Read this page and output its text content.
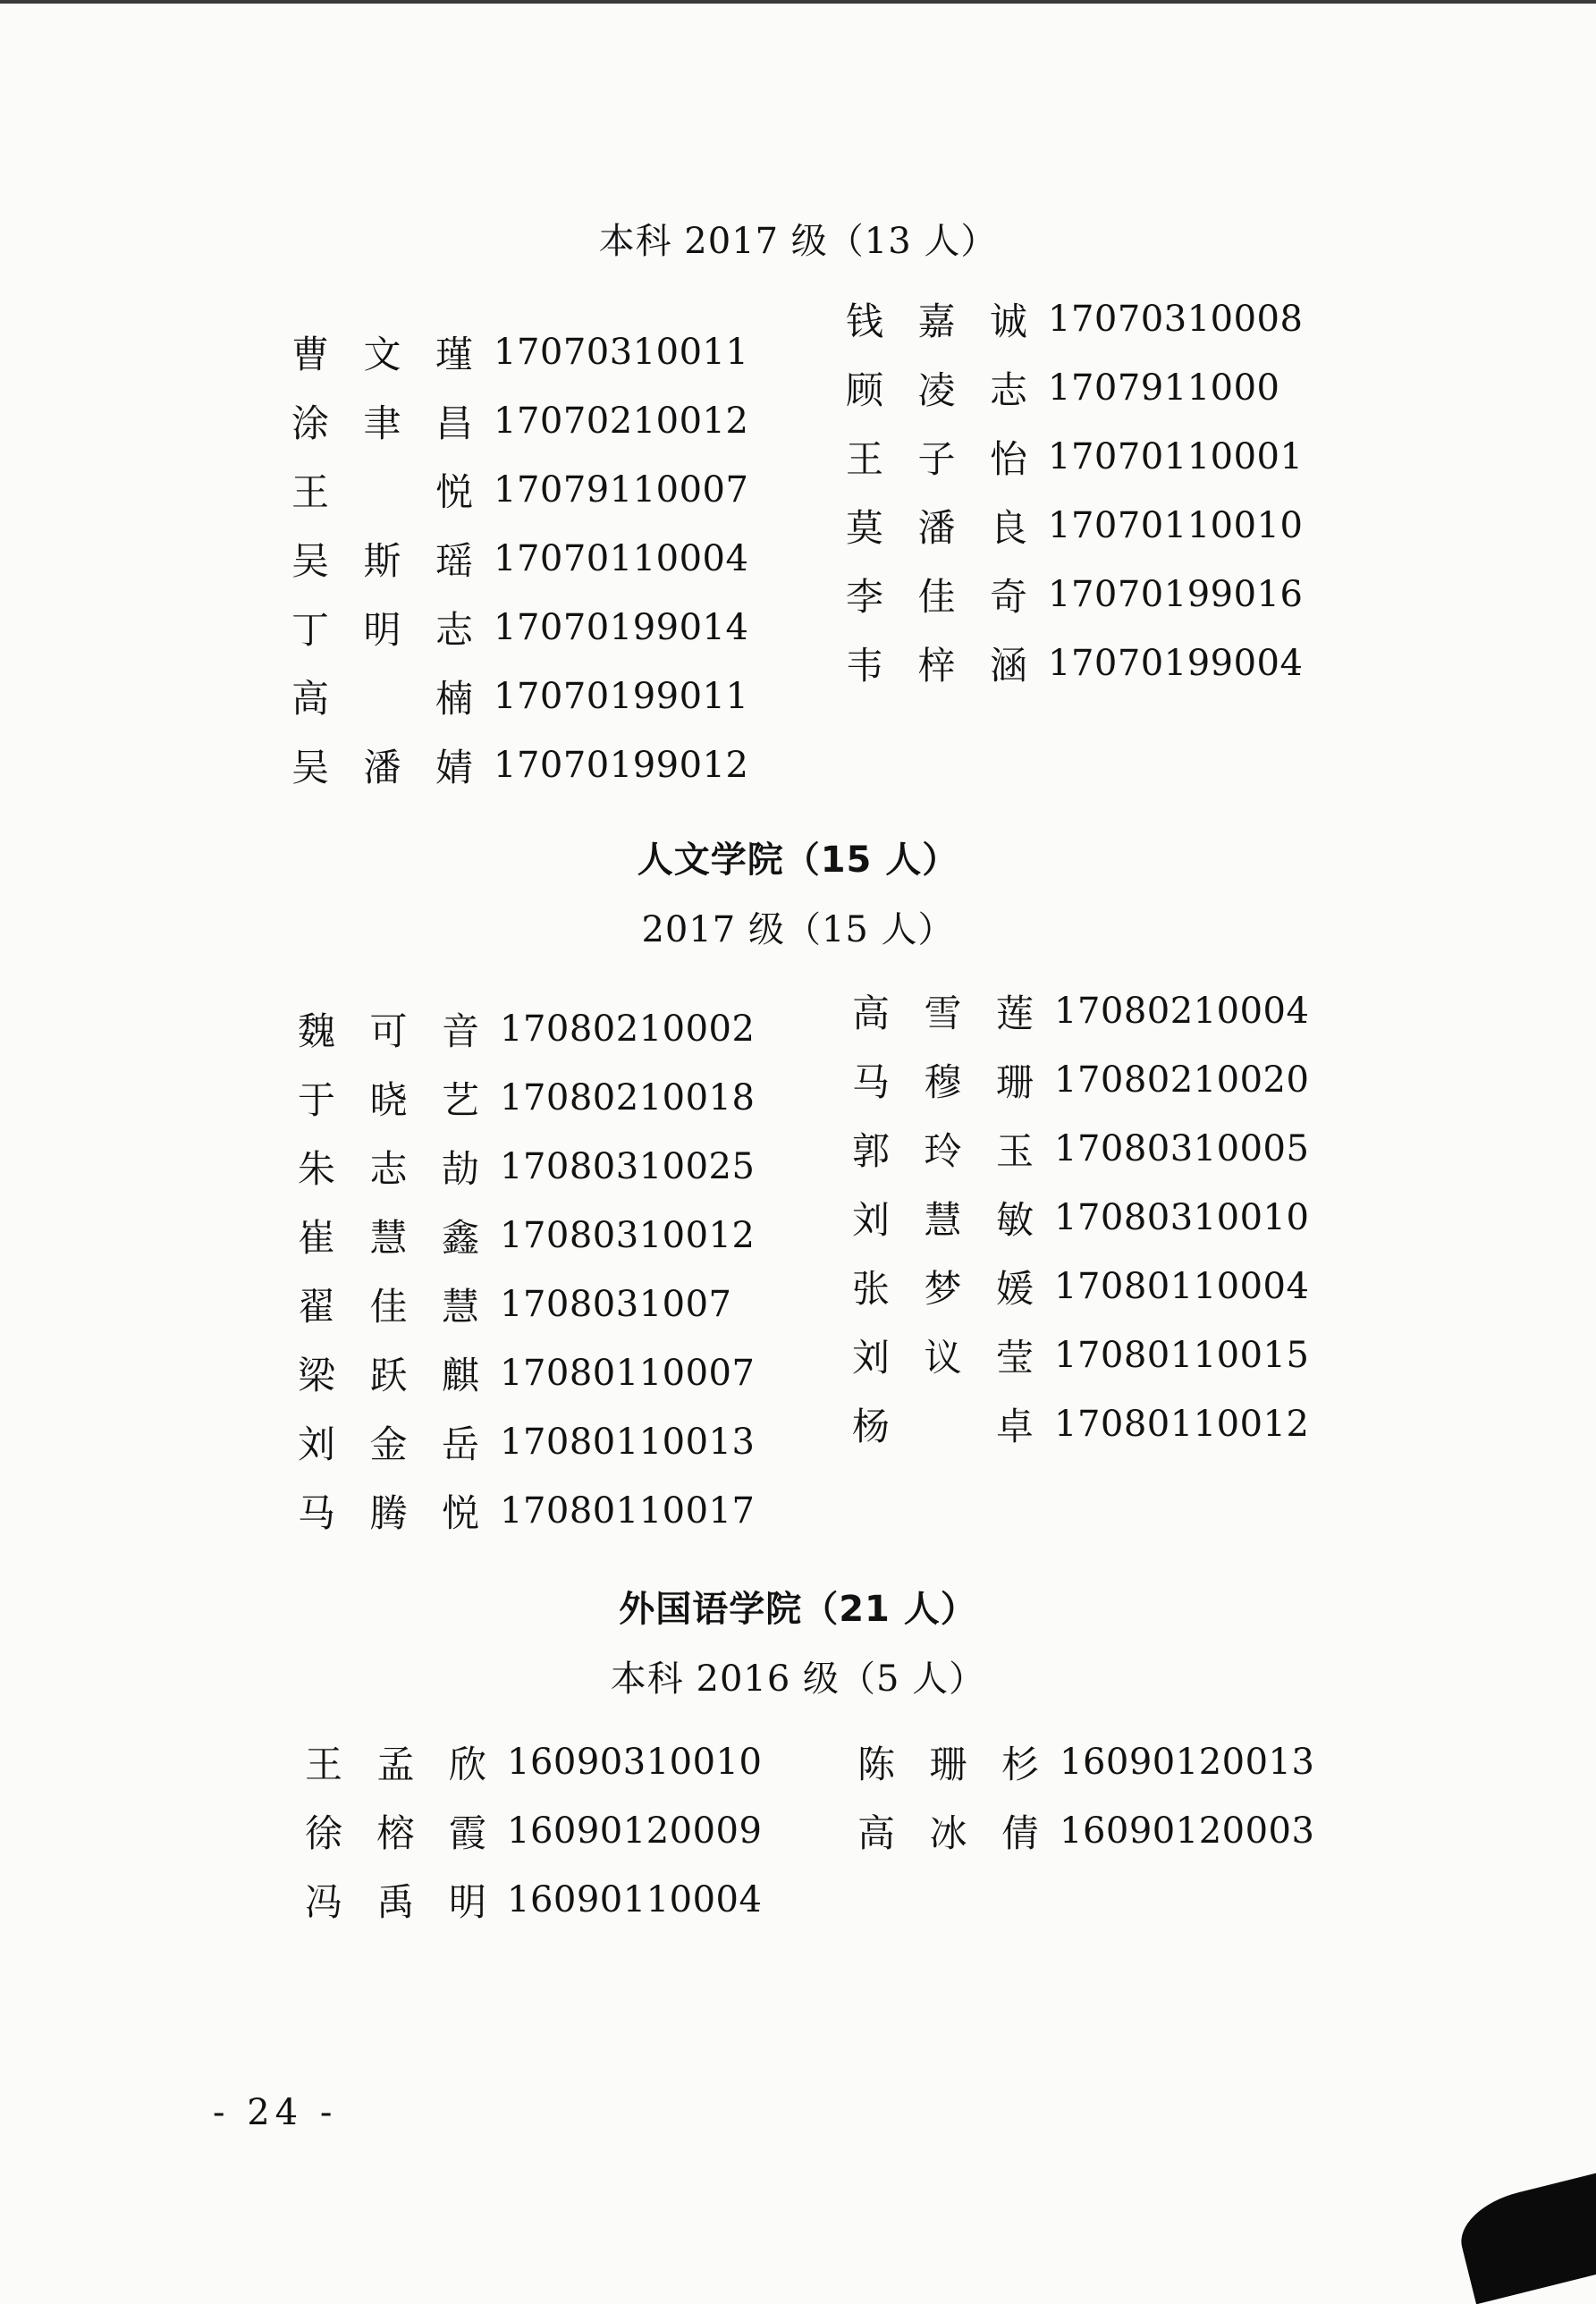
本科 2017 级（13 人）
曹 文 瑾 17070310011
涂 聿 昌 17070210012
王	悦 17079110007
吴 斯 瑶 17070110004
丁 明 志 17070199014
高	楠 17070199011
吴 潘 婧 17070199012
钱 嘉 诚 17070310008
顾 凌 志 1707911000
王 子 怡 17070110001
莫 潘 良 17070110010
李 佳 奇 17070199016
韦 梓 涵 17070199004
人文学院（15 人）
2017 级（15 人）
魏 可 音 17080210002
于 晓 艺 17080210018
朱 志 劼 17080310025
崔 慧 鑫 17080310012
翟 佳 慧 1708031007
梁 跃 麒 17080110007
刘 金 岳 17080110013
马 腾 悦 17080110017
高 雪 莲 17080210004
马 穆 珊 17080210020
郭 玲 玉 17080310005
刘 慧 敏 17080310010
张 梦 媛 17080110004
刘 议 莹 17080110015
杨	卓 17080110012
外国语学院（21 人）
本科 2016 级（5 人）
王 孟 欣 16090310010
徐 榕 霞 16090120009
冯 禹 明 16090110004
陈 珊 杉 16090120013
高 冰 倩 16090120003
- 24 -
